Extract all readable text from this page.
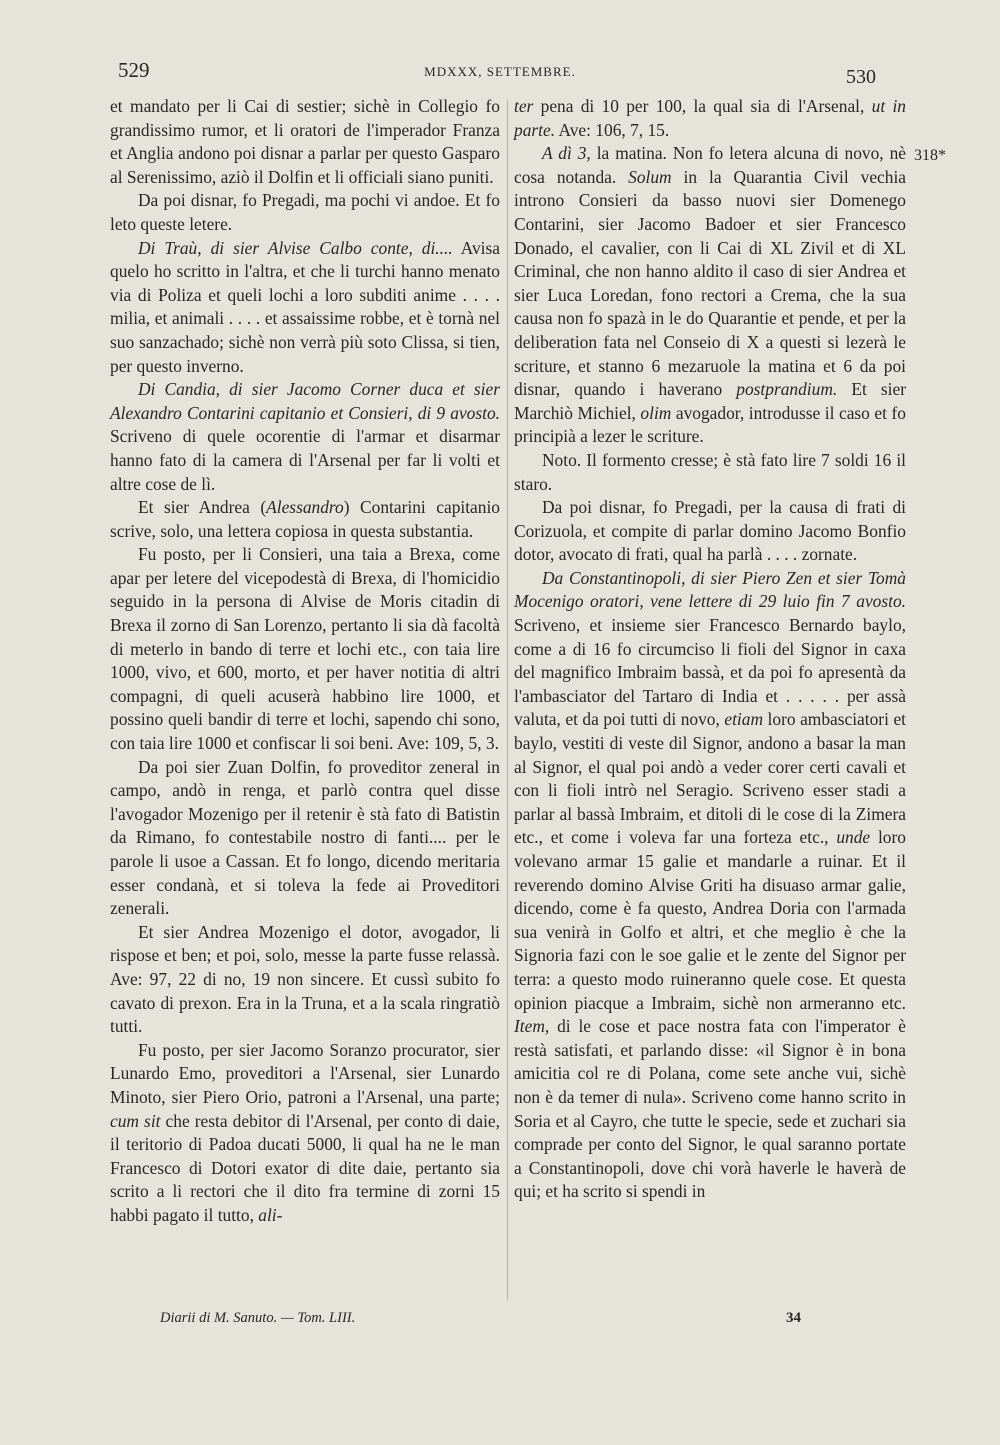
529	MDXXX, SETTEMBRE.	530

et mandato per li Cai di sestier; sichè in Collegio fo grandissimo rumor, et li oratori de l'imperador Franza et Anglia andono poi disnar a parlar per questo Gasparo al Serenissimo, aziò il Dolfin et li officiali siano puniti.

Da poi disnar, fo Pregadi, ma pochi vi andoe. Et fo leto queste letere.

Di Traù, di sier Alvise Calbo conte, di.... Avisa quelo ho scritto in l'altra, et che li turchi hanno menato via di Poliza et queli lochi a loro subditi anime . . . . milia, et animali . . . . et assaissime robbe, et è tornà nel suo sanzachado; sichè non verrà più soto Clissa, si tien, per questo inverno.

Di Candia, di sier Jacomo Corner duca et sier Alexandro Contarini capitanio et Consieri, di 9 avosto. Scriveno di quele ocorentie di l'armar et disarmar hanno fato di la camera di l'Arsenal per far li volti et altre cose de lì.

Et sier Andrea (Alessandro) Contarini capitanio scrive, solo, una lettera copiosa in questa substantia.

Fu posto, per li Consieri, una taia a Brexa, come apar per letere del vicepodestà di Brexa, di l'homicidio seguido in la persona di Alvise de Moris citadin di Brexa il zorno di San Lorenzo, pertanto li sia dà facoltà di meterlo in bando di terre et lochi etc., con taia lire 1000, vivo, et 600, morto, et per haver notitia di altri compagni, di queli acuserà habbino lire 1000, et possino queli bandir di terre et lochi, sapendo chi sono, con taia lire 1000 et confiscar li soi beni. Ave: 109, 5, 3.

Da poi sier Zuan Dolfin, fo proveditor zeneral in campo, andò in renga, et parlò contra quel disse l'avogador Mozenigo per il retenir è stà fato di Batistin da Rimano, fo contestabile nostro di fanti.... per le parole li usoe a Cassan. Et fo longo, dicendo meritaria esser condanà, et si toleva la fede ai Proveditori zenerali.

Et sier Andrea Mozenigo el dotor, avogador, li rispose et ben; et poi, solo, messe la parte fusse relassà. Ave: 97, 22 di no, 19 non sincere. Et cussì subito fo cavato di prexon. Era in la Truna, et a la scala ringratiò tutti.

Fu posto, per sier Jacomo Soranzo procurator, sier Lunardo Emo, proveditori a l'Arsenal, sier Lunardo Minoto, sier Piero Orio, patroni a l'Arsenal, una parte; cum sit che resta debitor di l'Arsenal, per conto di daie, il teritorio di Padoa ducati 5000, li qual ha ne le man Francesco di Dotori exator di dite daie, pertanto sia scrito a li rectori che il dito fra termine di zorni 15 habbi pagato il tutto, ali-

ter pena di 10 per 100, la qual sia di l'Arsenal, ut in parte. Ave: 106, 7, 15.

A dì 3, la matina. Non fo letera alcuna di novo, nè cosa notanda. Solum in la Quarantia Civil vechia introno Consieri da basso nuovi sier Domenego Contarini, sier Jacomo Badoer et sier Francesco Donado, el cavalier, con li Cai di XL Zivil et di XL Criminal, che non hanno aldito il caso di sier Andrea et sier Luca Loredan, fono rectori a Crema, che la sua causa non fo spazà in le do Quarantie et pende, et per la deliberation fata nel Conseio di X a questi si lezerà le scriture, et stanno 6 mezaruole la matina et 6 da poi disnar, quando i haverano postprandium. Et sier Marchiò Michiel, olim avogador, introdusse il caso et fo principià a lezer le scriture.

Noto. Il formento cresse; è stà fato lire 7 soldi 16 il staro.

Da poi disnar, fo Pregadi, per la causa di frati di Corizuola, et compite di parlar domino Jacomo Bonfio dotor, avocato di frati, qual ha parlà . . . . zornate.

Da Constantinopoli, di sier Piero Zen et sier Tomà Mocenigo oratori, vene lettere di 29 luio fin 7 avosto. Scriveno, et insieme sier Francesco Bernardo baylo, come a di 16 fo circumciso li fioli del Signor in caxa del magnifico Imbraim bassà, et da poi fo apresentà da l'ambasciator del Tartaro di India et . . . . . per assà valuta, et da poi tutti di novo, etiam loro ambasciatori et baylo, vestiti di veste dil Signor, andono a basar la man al Signor, el qual poi andò a veder corer certi cavali et con li fioli intrò nel Seragio. Scriveno esser stadi a parlar al bassà Imbraim, et ditoli di le cose di la Zimera etc., et come i voleva far una forteza etc., unde loro volevano armar 15 galie et mandarle a ruinar. Et il reverendo domino Alvise Griti ha disuaso armar galie, dicendo, come è fa questo, Andrea Doria con l'armada sua venirà in Golfo et altri, et che meglio è che la Signoria fazi con le soe galie et le zente del Signor per terra: a questo modo ruineranno quele cose. Et questa opinion piacque a Imbraim, sichè non armeranno etc. Item, di le cose et pace nostra fata con l'imperator è restà satisfati, et parlando disse: «il Signor è in bona amicitia col re di Polana, come sete anche vui, sichè non è da temer di nula». Scriveno come hanno scrito in Soria et al Cayro, che tutte le specie, sede et zuchari sia comprade per conto del Signor, le qual saranno portate a Constantinopoli, dove chi vorà haverle le haverà de qui; et ha scrito si spendi in

318*
Diarii di M. Sanuto. — Tom. LIII.	34
